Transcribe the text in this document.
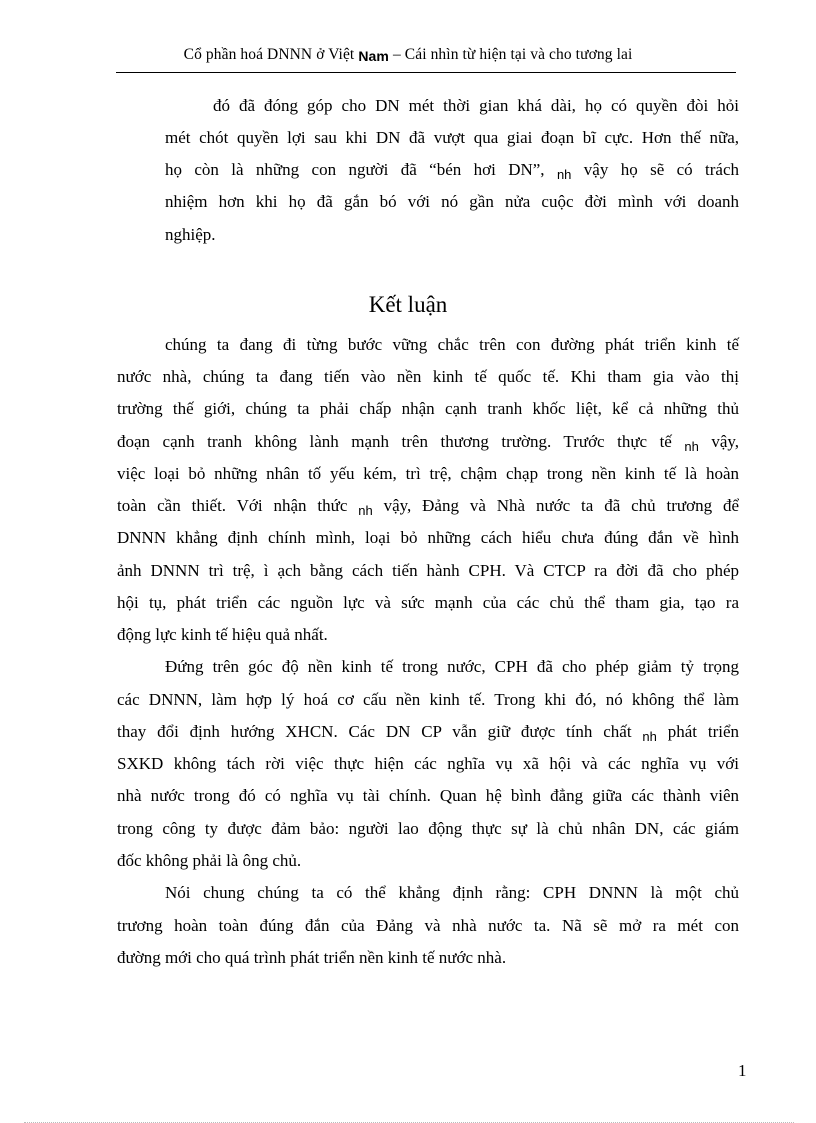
Cổ phần hoá DNNN ở Việt Nam – Cái nhìn từ hiện tại và cho tương lai
đó đã đóng góp cho DN mét thời gian khá dài, họ có quyền đòi hỏi
mét chót quyền lợi sau khi DN đã vượt qua giai đoạn bĩ cực. Hơn thế nữa,
họ còn là những con người đã “bén hơi DN”, $_{nh}$ vậy họ sẽ có trách
nhiệm hơn khi họ đã gắn bó với nó gần nửa cuộc đời mình với doanh
nghiệp.
Kết luận
chúng ta đang đi từng bước vững chắc trên con đường phát triển kinh tế
nước nhà, chúng ta đang tiến vào nền kinh tế quốc tế. Khi tham gia vào thị
trường thế giới, chúng ta phải chấp nhận cạnh tranh khốc liệt, kể cả những thủ
đoạn cạnh tranh không lành mạnh trên thương trường. Trước thực tế $_{nh}$ vậy,
việc loại bỏ những nhân tố yếu kém, trì trệ, chậm chạp trong nền kinh tế là hoàn
toàn cần thiết. Với nhận thức $_{nh}$ vậy, Đảng và Nhà nước ta đã chủ trương để
DNNN khẳng định chính mình, loại bỏ những cách hiểu chưa đúng đắn về hình
ảnh DNNN trì trệ, ì ạch bằng cách tiến hành CPH. Và CTCP ra đời đã cho phép
hội tụ, phát triển các nguồn lực và sức mạnh của các chủ thể tham gia, tạo ra
động lực kinh tế hiệu quả nhất.
Đứng trên góc độ nền kinh tế trong nước, CPH đã cho phép giảm tỷ trọng
các DNNN, làm hợp lý hoá cơ cấu nền kinh tế. Trong khi đó, nó không thể làm
thay đổi định hướng XHCN. Các DN CP vẫn giữ được tính chất $_{nh}$ phát triển
SXKD không tách rời việc thực hiện các nghĩa vụ xã hội và các nghĩa vụ với
nhà nước trong đó có nghĩa vụ tài chính. Quan hệ bình đẳng giữa các thành viên
trong công ty được đảm bảo: người lao động thực sự là chủ nhân DN, các giám
đốc không phải là ông chủ.
Nói chung chúng ta có thể khẳng định rằng: CPH DNNN là một chủ
trương hoàn toàn đúng đắn của Đảng và nhà nước ta. Nã sẽ mở ra mét con
đường mới cho quá trình phát triển nền kinh tế nước nhà.
1
